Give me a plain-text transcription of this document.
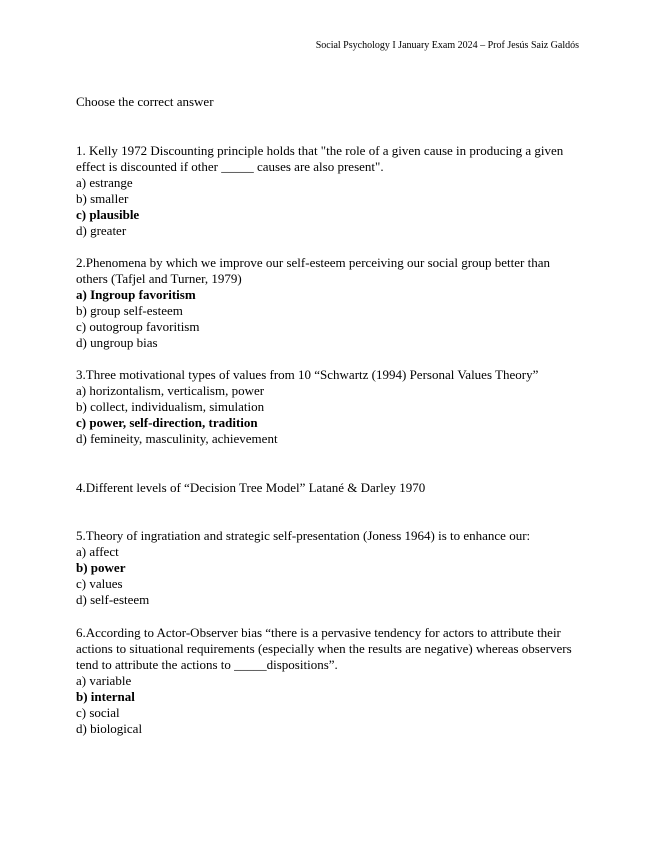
Social Psychology I January Exam 2024 – Prof Jesús Saiz Galdós
Choose the correct answer
1. Kelly 1972 Discounting principle holds that "the role of a given cause in producing a given effect is discounted if other _____ causes are also present".
a) estrange
b) smaller
c) plausible
d) greater
2.Phenomena by which we improve our self-esteem perceiving our social group better than others (Tafjel and Turner, 1979)
a) Ingroup favoritism
b) group self-esteem
c) outogroup favoritism
d) ungroup bias
3.Three motivational types of values from 10 “Schwartz (1994) Personal Values Theory”
a) horizontalism, verticalism, power
b) collect, individualism, simulation
c) power, self-direction, tradition
d) femineity, masculinity, achievement
4.Different levels of “Decision Tree Model” Latané & Darley 1970
5.Theory of ingratiation and strategic self-presentation (Joness 1964) is to enhance our:
a) affect
b) power
c) values
d) self-esteem
6.According to Actor-Observer bias “there is a pervasive tendency for actors to attribute their actions to situational requirements (especially when the results are negative) whereas observers tend to attribute the actions to _____dispositions”.
a) variable
b) internal
c) social
d) biological
